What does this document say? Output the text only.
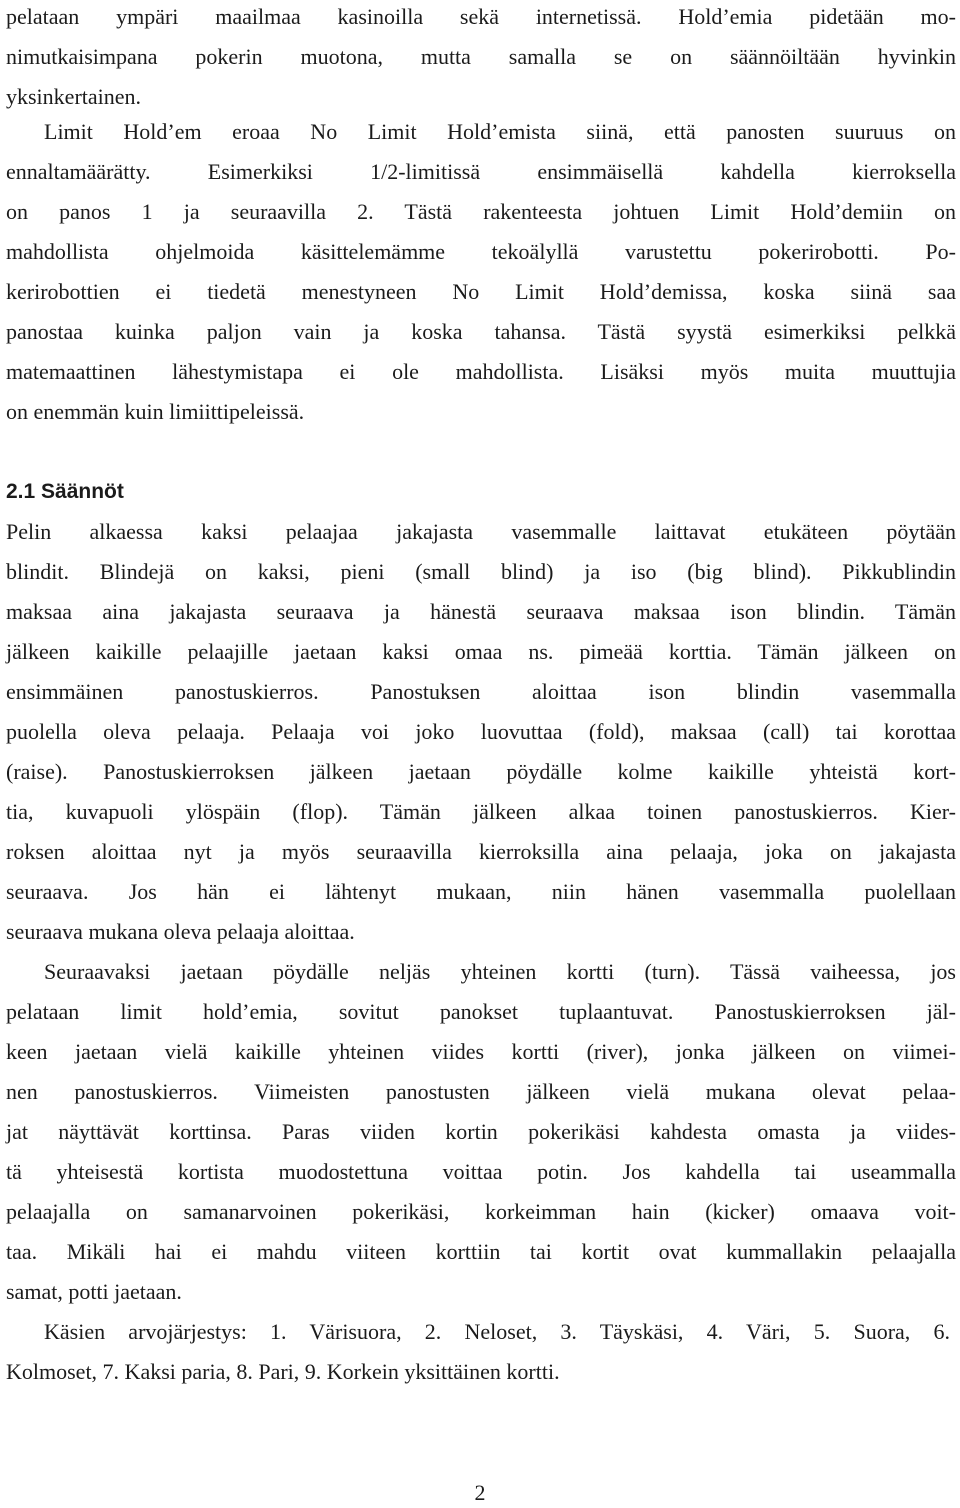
pelataan ympäri maailmaa kasinoilla sekä internetissä. Hold’emia pidetään mo-
nimutkaisimpana pokerin muotona, mutta samalla se on säännöiltään hyvinkin
yksinkertainen.
Limit Hold’em eroaa No Limit Hold’emista siinä, että panosten suuruus on
ennaltamäärätty. Esimerkiksi 1/2-limitissä ensimmäisellä kahdella kierroksella
on panos 1 ja seuraavilla 2. Tästä rakenteesta johtuen Limit Hold’demiin on
mahdollista ohjelmoida käsittelemämme tekoälyllä varustettu pokerirobotti. Po-
kerirobottien ei tiedetä menestyneen No Limit Hold’demissa, koska siinä saa
panostaa kuinka paljon vain ja koska tahansa. Tästä syystä esimerkiksi pelkkä
matemaattinen lähestymistapa ei ole mahdollista. Lisäksi myös muita muuttujia
on enemmän kuin limiittipeleissä.
2.1 Säännöt
Pelin alkaessa kaksi pelaajaa jakajasta vasemmalle laittavat etukäteen pöytään
blindit. Blindejä on kaksi, pieni (small blind) ja iso (big blind). Pikkublindin
maksaa aina jakajasta seuraava ja hänestä seuraava maksaa ison blindin. Tämän
jälkeen kaikille pelaajille jaetaan kaksi omaa ns. pimeää korttia. Tämän jälkeen on
ensimmäinen panostuskierros. Panostuksen aloittaa ison blindin vasemmalla
puolella oleva pelaaja. Pelaaja voi joko luovuttaa (fold), maksaa (call) tai korottaa
(raise). Panostuskierroksen jälkeen jaetaan pöydälle kolme kaikille yhteistä kort-
tia, kuvapuoli ylöspäin (flop). Tämän jälkeen alkaa toinen panostuskierros. Kier-
roksen aloittaa nyt ja myös seuraavilla kierroksilla aina pelaaja, joka on jakajasta
seuraava. Jos hän ei lähtenyt mukaan, niin hänen vasemmalla puolellaan
seuraava mukana oleva pelaaja aloittaa.
Seuraavaksi jaetaan pöydälle neljäs yhteinen kortti (turn). Tässä vaiheessa, jos
pelataan limit hold’emia, sovitut panokset tuplaantuvat. Panostuskierroksen jäl-
keen jaetaan vielä kaikille yhteinen viides kortti (river), jonka jälkeen on viimei-
nen panostuskierros. Viimeisten panostusten jälkeen vielä mukana olevat pelaa-
jat näyttävät korttinsa. Paras viiden kortin pokerikäsi kahdesta omasta ja viides-
tä yhteisestä kortista muodostettuna voittaa potin. Jos kahdella tai useammalla
pelaajalla on samanarvoinen pokerikäsi, korkeimman hain (kicker) omaava voit-
taa. Mikäli hai ei mahdu viiteen korttiin tai kortit ovat kummallakin pelaajalla
samat, potti jaetaan.
Käsien arvojärjestys: 1. Värisuora, 2. Neloset, 3. Täyskäsi, 4. Väri, 5. Suora, 6.
Kolmoset, 7. Kaksi paria, 8. Pari, 9. Korkein yksittäinen kortti.
2
